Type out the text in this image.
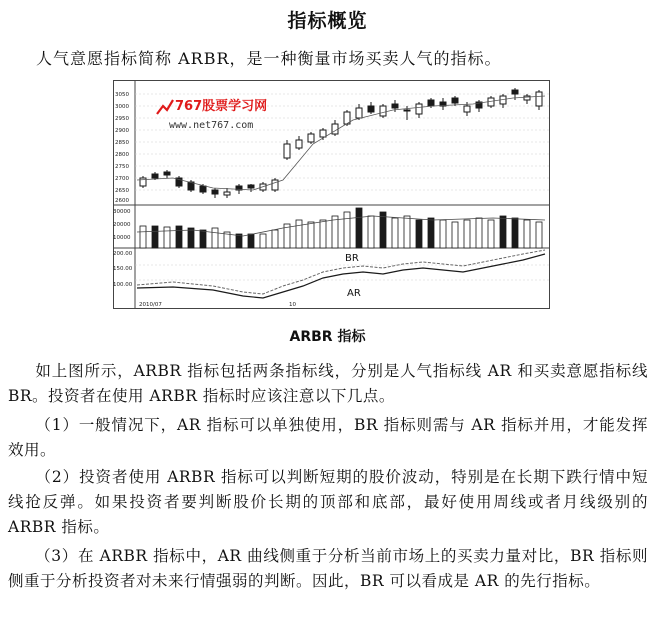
指标概览
人气意愿指标简称 ARBR，是一种衡量市场买卖人气的指标。
3050
3000
2950
2900
2850
2800
2750
2700
2650
2600
30000
20000
10000
200.00
150.00
100.00
2010/07	10
767股票学习网
www.net767.com
BR
AR
ARBR 指标
如上图所示，ARBR 指标包括两条指标线，分别是人气指标线 AR 和买卖意愿指标线 BR。投资者在使用 ARBR 指标时应该注意以下几点。
（1）一般情况下，AR 指标可以单独使用，BR 指标则需与 AR 指标并用，才能发挥效用。
（2）投资者使用 ARBR 指标可以判断短期的股价波动，特别是在长期下跌行情中短线抢反弹。如果投资者要判断股价长期的顶部和底部，最好使用周线或者月线级别的 ARBR 指标。
（3）在 ARBR 指标中，AR 曲线侧重于分析当前市场上的买卖力量对比，BR 指标则侧重于分析投资者对未来行情强弱的判断。因此，BR 可以看成是 AR 的先行指标。
